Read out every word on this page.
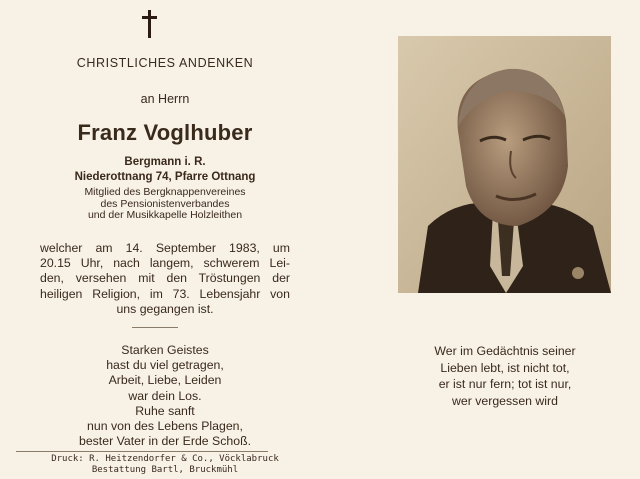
CHRISTLICHES ANDENKEN
an Herrn
Franz Voglhuber
Bergmann i. R.
Niederottnang 74, Pfarre Ottnang
Mitglied des Bergknappenvereines
des Pensionistenverbandes
und der Musikkapelle Holzleithen
welcher am 14. September 1983, um
20.15 Uhr, nach langem, schwerem Lei-
den, versehen mit den Tröstungen der
heiligen Religion, im 73. Lebensjahr von
uns gegangen ist.
Starken Geistes
hast du viel getragen,
Arbeit, Liebe, Leiden
war dein Los.
Ruhe sanft
nun von des Lebens Plagen,
bester Vater in der Erde Schoß.
Druck: R. Heitzendorfer & Co., Vöcklabruck
Bestattung Bartl, Bruckmühl
Wer im Gedächtnis seiner
Lieben lebt, ist nicht tot,
er ist nur fern; tot ist nur,
wer vergessen wird
